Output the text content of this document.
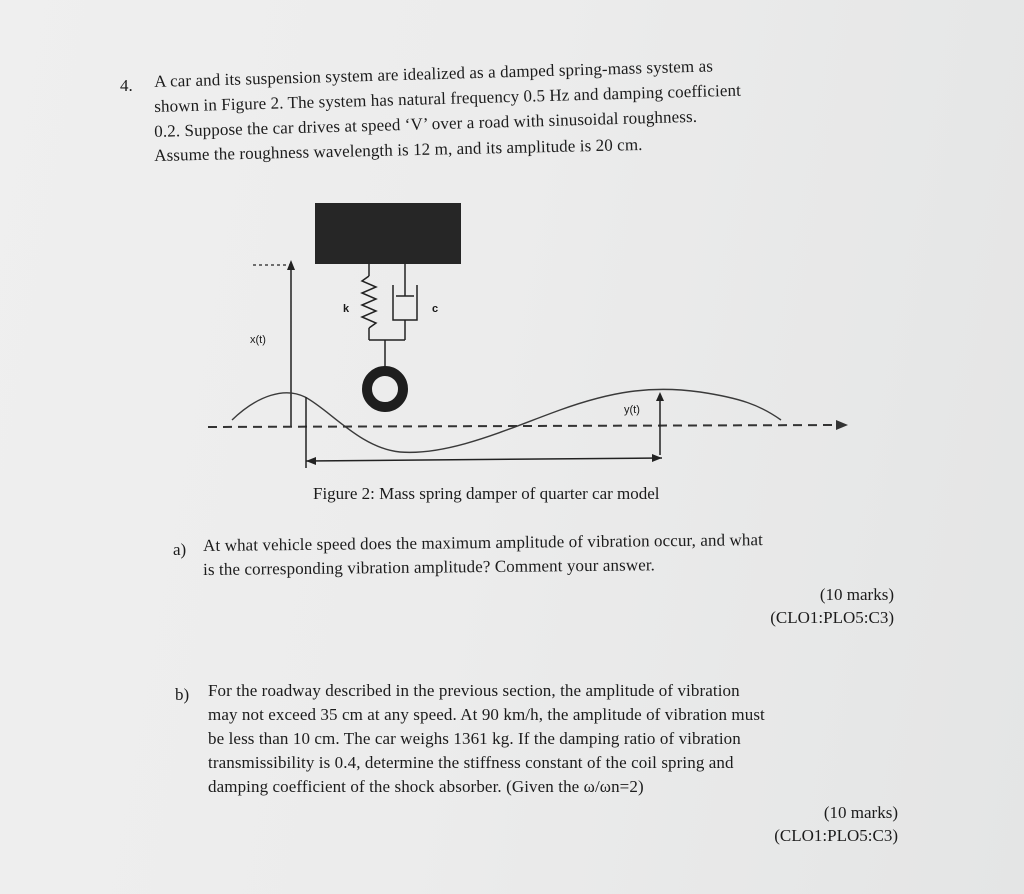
4. A car and its suspension system are idealized as a damped spring-mass system as
shown in Figure 2. The system has natural frequency 0.5 Hz and damping coefficient
0.2. Suppose the car drives at speed ‘V’ over a road with sinusoidal roughness.
Assume the roughness wavelength is 12 m, and its amplitude is 20 cm.
k	c
x(t)
y(t)
Figure 2: Mass spring damper of quarter car model
a) At what vehicle speed does the maximum amplitude of vibration occur, and what
is the corresponding vibration amplitude? Comment your answer.
(10 marks)
(CLO1:PLO5:C3)
b) For the roadway described in the previous section, the amplitude of vibration
may not exceed 35 cm at any speed. At 90 km/h, the amplitude of vibration must
be less than 10 cm. The car weighs 1361 kg. If the damping ratio of vibration
transmissibility is 0.4, determine the stiffness constant of the coil spring and
damping coefficient of the shock absorber. (Given the ω/ωn=2)
(10 marks)
(CLO1:PLO5:C3)
